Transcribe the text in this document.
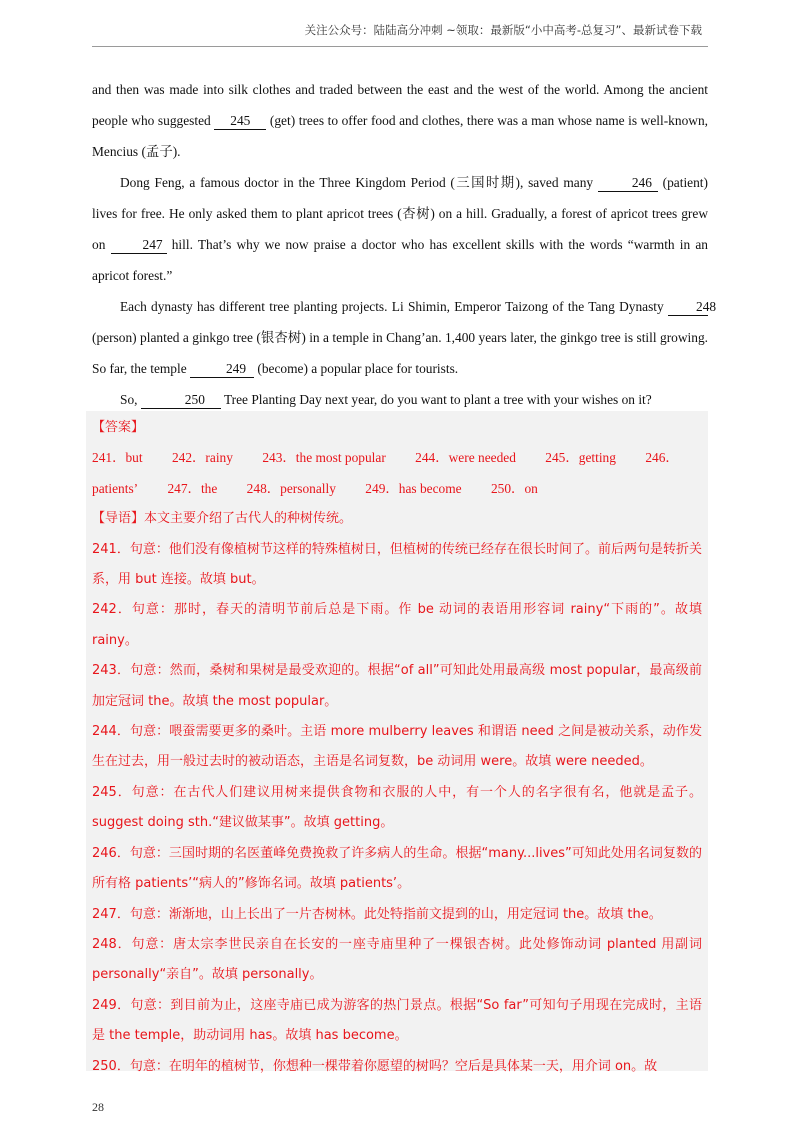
关注公众号：陆陆高分冲刺 ~领取：最新版“小中高考-总复习”、最新试卷下载

and then was made into silk clothes and traded between the east and the west of the world. Among the ancient people who suggested 245 (get) trees to offer food and clothes, there was a man whose name is well-known, Mencius (孟子).

Dong Feng, a famous doctor in the Three Kingdom Period (三国时期), saved many	246 (patient) lives for free. He only asked them to plant apricot trees (杏树) on a hill. Gradually, a forest of apricot trees grew on 247 hill. That’s why we now praise a doctor who has excellent skills with the words “warmth in an apricot forest.”

Each dynasty has different tree planting projects. Li Shimin, Emperor Taizong of the Tang Dynasty 248 (person) planted a ginkgo tree (银杏树) in a temple in Chang’an. 1,400 years later, the ginkgo tree is still growing. So far, the temple	249 (become) a popular place for tourists.

So,	250 Tree Planting Day next year, do you want to plant a tree with your wishes on it?

【答案】

241．but 242．rainy 243．the most popular 244．were needed 245．getting 246．

patients’ 247．the 248．personally 249．has become 250．on

【导语】本文主要介绍了古代人的种树传统。

241．句意：他们没有像植树节这样的特殊植树日，但植树的传统已经存在很长时间了。前后两句是转折关系，用 but 连接。故填 but。

242．句意：那时，春天的清明节前后总是下雨。作 be 动词的表语用形容词 rainy“下雨的”。故填 rainy。

243．句意：然而，桑树和果树是最受欢迎的。根据“of all”可知此处用最高级 most popular，最高级前加定冠词 the。故填 the most popular。

244．句意：喂蚕需要更多的桑叶。主语 more mulberry leaves 和谓语 need 之间是被动关系，动作发生在过去，用一般过去时的被动语态，主语是名词复数，be 动词用 were。故填 were needed。

245．句意：在古代人们建议用树来提供食物和衣服的人中，有一个人的名字很有名，他就是孟子。suggest doing sth.“建议做某事”。故填 getting。

246．句意：三国时期的名医董峰免费挽救了许多病人的生命。根据“many...lives”可知此处用名词复数的所有格 patients’“病人的”修饰名词。故填 patients’。

247．句意：渐渐地，山上长出了一片杏树林。此处特指前文提到的山，用定冠词 the。故填 the。

248．句意：唐太宗李世民亲自在长安的一座寺庙里种了一棵银杏树。此处修饰动词 planted 用副词 personally“亲自”。故填 personally。

249．句意：到目前为止，这座寺庙已成为游客的热门景点。根据“So far”可知句子用现在完成时，主语是 the temple，助动词用 has。故填 has become。

250．句意：在明年的植树节，你想种一棵带着你愿望的树吗？空后是具体某一天，用介词 on。故

28
